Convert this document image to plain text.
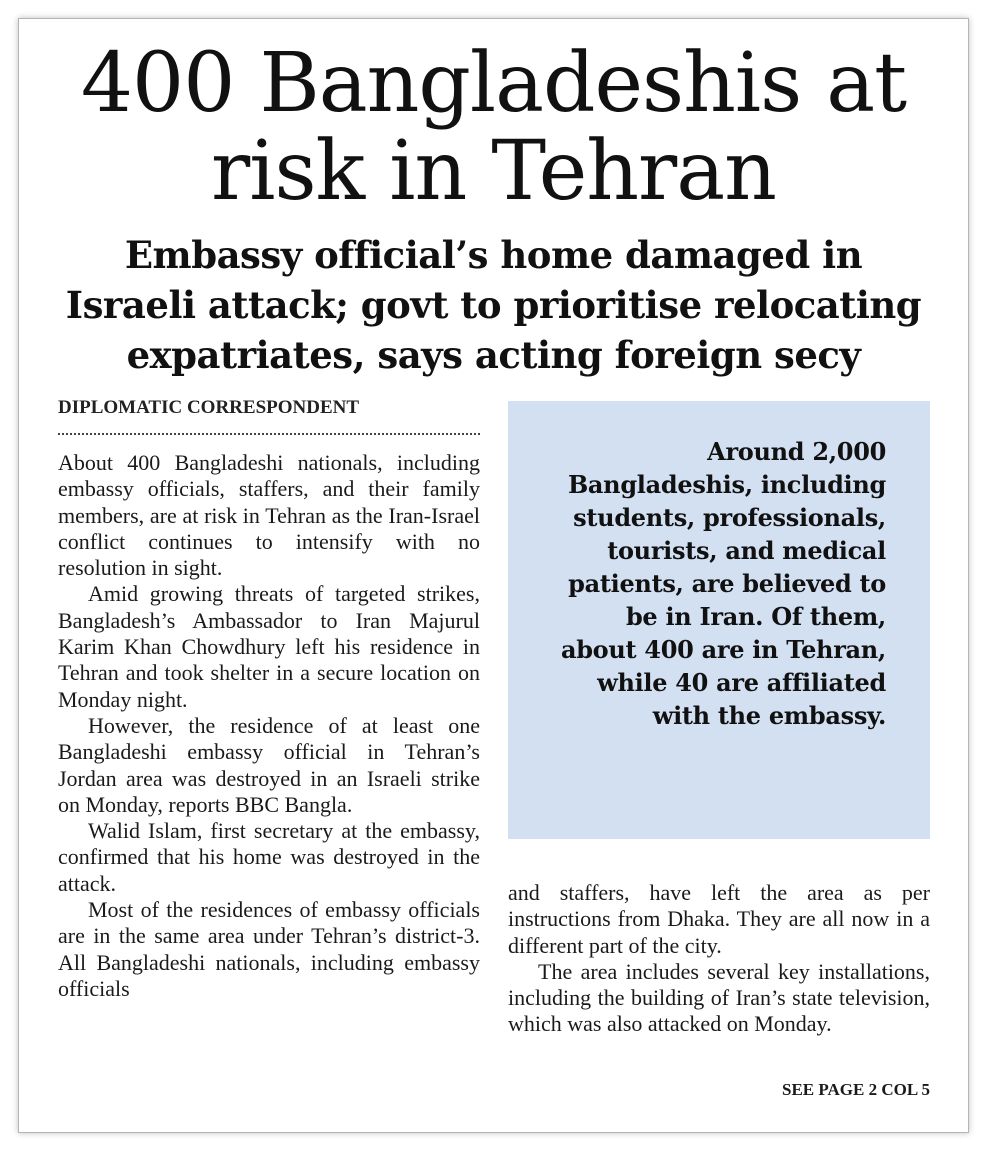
400 Bangladeshis at
risk in Tehran
Embassy official’s home damaged in
Israeli attack; govt to prioritise relocating
expatriates, says acting foreign secy
DIPLOMATIC CORRESPONDENT

About 400 Bangladeshi nationals, including embassy officials, staffers, and their family members, are at risk in Tehran as the Iran-Israel conflict continues to intensify with no resolution in sight.

Amid growing threats of targeted strikes, Bangladesh’s Ambassador to Iran Majurul Karim Khan Chowdhury left his residence in Tehran and took shelter in a secure location on Monday night.

However, the residence of at least one Bangladeshi embassy official in Tehran’s Jordan area was destroyed in an Israeli strike on Monday, reports BBC Bangla.

Walid Islam, first secretary at the embassy, confirmed that his home was destroyed in the attack.

Most of the residences of embassy officials are in the same area under Tehran’s district-3. All Bangladeshi nationals, including embassy officials

Around 2,000 Bangladeshis, including students, professionals, tourists, and medical patients, are believed to be in Iran. Of them, about 400 are in Tehran, while 40 are affiliated with the embassy.

and staffers, have left the area as per instructions from Dhaka. They are all now in a different part of the city.

The area includes several key installations, including the building of Iran’s state television, which was also attacked on Monday.

SEE PAGE 2 COL 5
